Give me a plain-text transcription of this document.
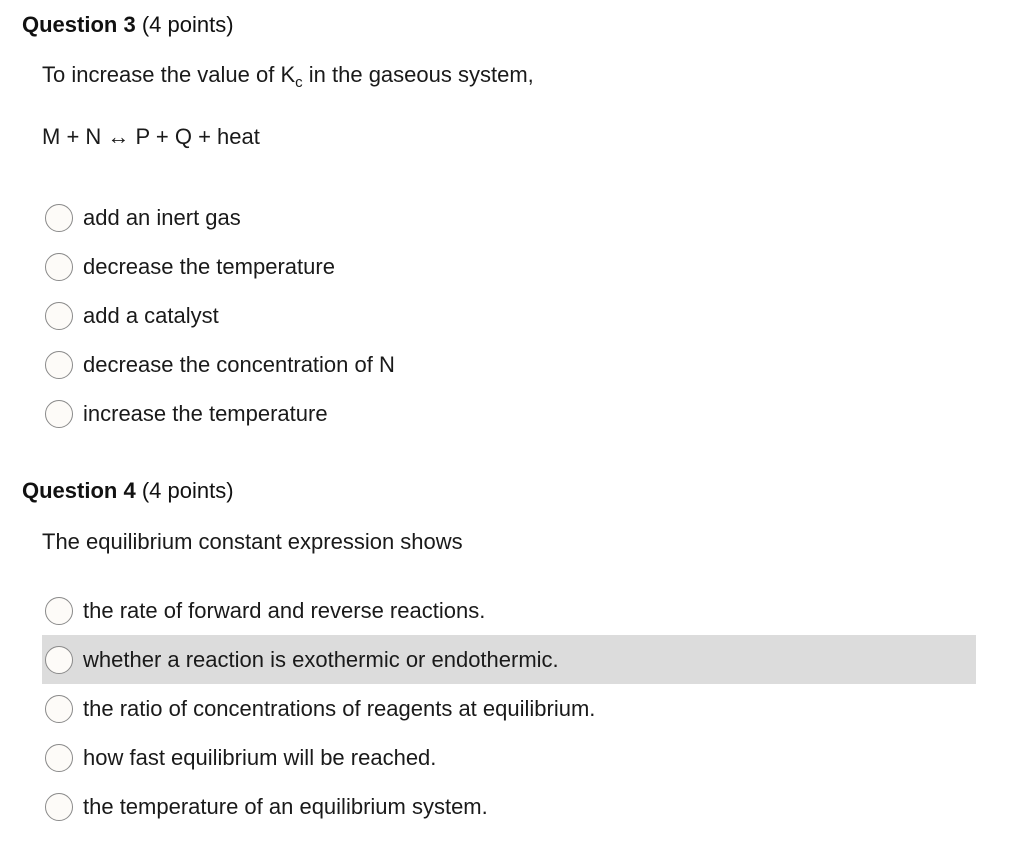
Question 3 (4 points)
To increase the value of $K_c$ in the gaseous system,
M + N ↔ P + Q + heat
add an inert gas
decrease the temperature
add a catalyst
decrease the concentration of N
increase the temperature
Question 4 (4 points)
The equilibrium constant expression shows
the rate of forward and reverse reactions.
whether a reaction is exothermic or endothermic.
the ratio of concentrations of reagents at equilibrium.
how fast equilibrium will be reached.
the temperature of an equilibrium system.
